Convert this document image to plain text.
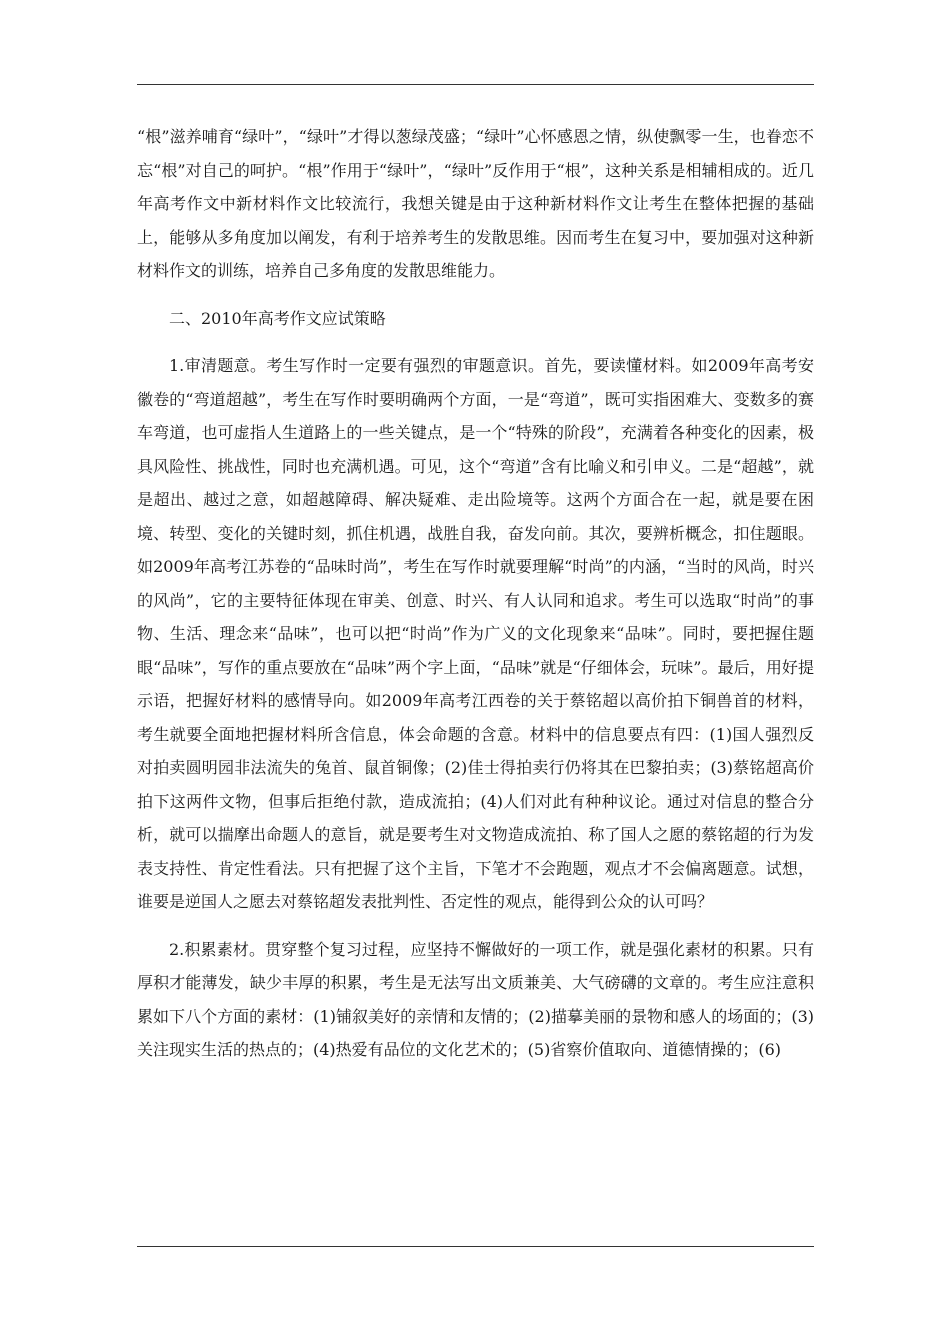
“根”滋养哺育“绿叶”，“绿叶”才得以葱绿茂盛；“绿叶”心怀感恩之情，纵使飘零一生，也眷恋不忘“根”对自己的呵护。“根”作用于“绿叶”，“绿叶”反作用于“根”，这种关系是相辅相成的。近几年高考作文中新材料作文比较流行，我想关键是由于这种新材料作文让考生在整体把握的基础上，能够从多角度加以阐发，有利于培养考生的发散思维。因而考生在复习中，要加强对这种新材料作文的训练，培养自己多角度的发散思维能力。

二、2010年高考作文应试策略

1.审清题意。考生写作时一定要有强烈的审题意识。首先，要读懂材料。如2009年高考安徽卷的“弯道超越”，考生在写作时要明确两个方面，一是“弯道”，既可实指困难大、变数多的赛车弯道，也可虚指人生道路上的一些关键点，是一个“特殊的阶段”，充满着各种变化的因素，极具风险性、挑战性，同时也充满机遇。可见，这个“弯道”含有比喻义和引申义。二是“超越”，就是超出、越过之意，如超越障碍、解决疑难、走出险境等。这两个方面合在一起，就是要在困境、转型、变化的关键时刻，抓住机遇，战胜自我，奋发向前。其次，要辨析概念，扣住题眼。如2009年高考江苏卷的“品味时尚”，考生在写作时就要理解“时尚”的内涵，“当时的风尚，时兴的风尚”，它的主要特征体现在审美、创意、时兴、有人认同和追求。考生可以选取“时尚”的事物、生活、理念来“品味”，也可以把“时尚”作为广义的文化现象来“品味”。同时，要把握住题眼“品味”，写作的重点要放在“品味”两个字上面，“品味”就是“仔细体会，玩味”。最后，用好提示语，把握好材料的感情导向。如2009年高考江西卷的关于蔡铭超以高价拍下铜兽首的材料，考生就要全面地把握材料所含信息，体会命题的含意。材料中的信息要点有四：(1)国人强烈反对拍卖圆明园非法流失的兔首、鼠首铜像；(2)佳士得拍卖行仍将其在巴黎拍卖；(3)蔡铭超高价拍下这两件文物，但事后拒绝付款，造成流拍；(4)人们对此有种种议论。通过对信息的整合分析，就可以揣摩出命题人的意旨，就是要考生对文物造成流拍、称了国人之愿的蔡铭超的行为发表支持性、肯定性看法。只有把握了这个主旨，下笔才不会跑题，观点才不会偏离题意。试想，谁要是逆国人之愿去对蔡铭超发表批判性、否定性的观点，能得到公众的认可吗？

2.积累素材。贯穿整个复习过程，应坚持不懈做好的一项工作，就是强化素材的积累。只有厚积才能薄发，缺少丰厚的积累，考生是无法写出文质兼美、大气磅礴的文章的。考生应注意积累如下八个方面的素材：(1)铺叙美好的亲情和友情的；(2)描摹美丽的景物和感人的场面的；(3)关注现实生活的热点的；(4)热爱有品位的文化艺术的；(5)省察价值取向、道德情操的；(6)
